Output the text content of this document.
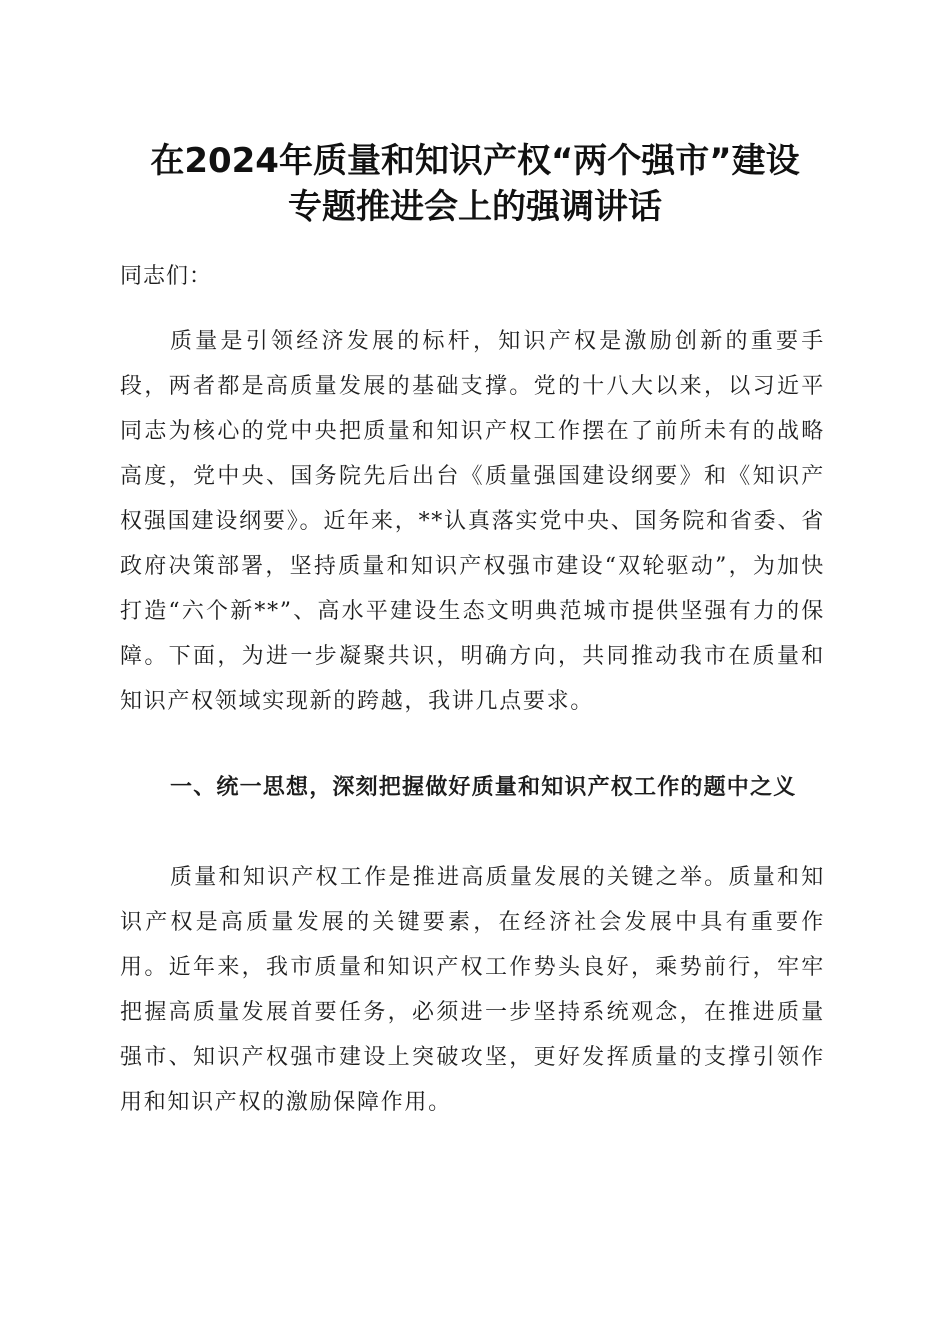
在2024年质量和知识产权“两个强市”建设
专题推进会上的强调讲话
同志们：
质量是引领经济发展的标杆，知识产权是激励创新的重要手段，两者都是高质量发展的基础支撑。党的十八大以来，以习近平同志为核心的党中央把质量和知识产权工作摆在了前所未有的战略高度，党中央、国务院先后出台《质量强国建设纲要》和《知识产权强国建设纲要》。近年来，**认真落实党中央、国务院和省委、省政府决策部署，坚持质量和知识产权强市建设“双轮驱动”，为加快打造“六个新**”、高水平建设生态文明典范城市提供坚强有力的保障。下面，为进一步凝聚共识，明确方向，共同推动我市在质量和知识产权领域实现新的跨越，我讲几点要求。
一、统一思想，深刻把握做好质量和知识产权工作的题中之义
质量和知识产权工作是推进高质量发展的关键之举。质量和知识产权是高质量发展的关键要素，在经济社会发展中具有重要作用。近年来，我市质量和知识产权工作势头良好，乘势前行，牢牢把握高质量发展首要任务，必须进一步坚持系统观念，在推进质量强市、知识产权强市建设上突破攻坚，更好发挥质量的支撑引领作用和知识产权的激励保障作用。
